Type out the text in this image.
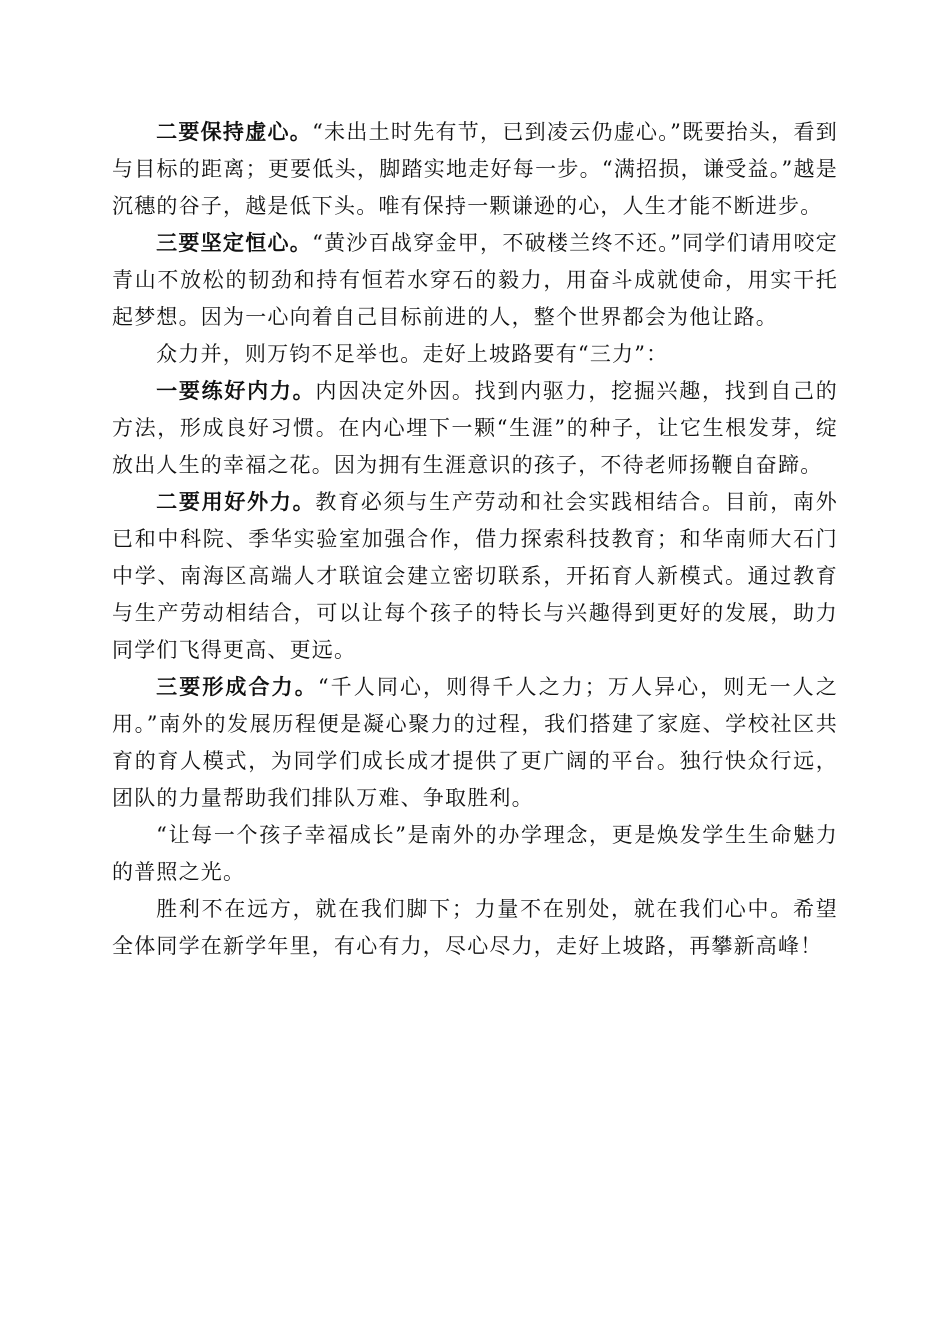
二要保持虚心。“未出土时先有节，已到凌云仍虚心。”既要抬头，看到与目标的距离；更要低头，脚踏实地走好每一步。“满招损，谦受益。”越是沉穗的谷子，越是低下头。唯有保持一颗谦逊的心，人生才能不断进步。

三要坚定恒心。“黄沙百战穿金甲，不破楼兰终不还。”同学们请用咬定青山不放松的韧劲和持有恒若水穿石的毅力，用奋斗成就使命，用实干托起梦想。因为一心向着自己目标前进的人，整个世界都会为他让路。

众力并，则万钧不足举也。走好上坡路要有“三力”：

一要练好内力。内因决定外因。找到内驱力，挖掘兴趣，找到自己的方法，形成良好习惯。在内心埋下一颗“生涯”的种子，让它生根发芽，绽放出人生的幸福之花。因为拥有生涯意识的孩子，不待老师扬鞭自奋蹄。

二要用好外力。教育必须与生产劳动和社会实践相结合。目前，南外已和中科院、季华实验室加强合作，借力探索科技教育；和华南师大石门中学、南海区高端人才联谊会建立密切联系，开拓育人新模式。通过教育与生产劳动相结合，可以让每个孩子的特长与兴趣得到更好的发展，助力同学们飞得更高、更远。

三要形成合力。“千人同心，则得千人之力；万人异心，则无一人之用。”南外的发展历程便是凝心聚力的过程，我们搭建了家庭、学校社区共育的育人模式，为同学们成长成才提供了更广阔的平台。独行快众行远，团队的力量帮助我们排队万难、争取胜利。

“让每一个孩子幸福成长”是南外的办学理念，更是焕发学生生命魅力的普照之光。

胜利不在远方，就在我们脚下；力量不在别处，就在我们心中。希望全体同学在新学年里，有心有力，尽心尽力，走好上坡路，再攀新高峰！
